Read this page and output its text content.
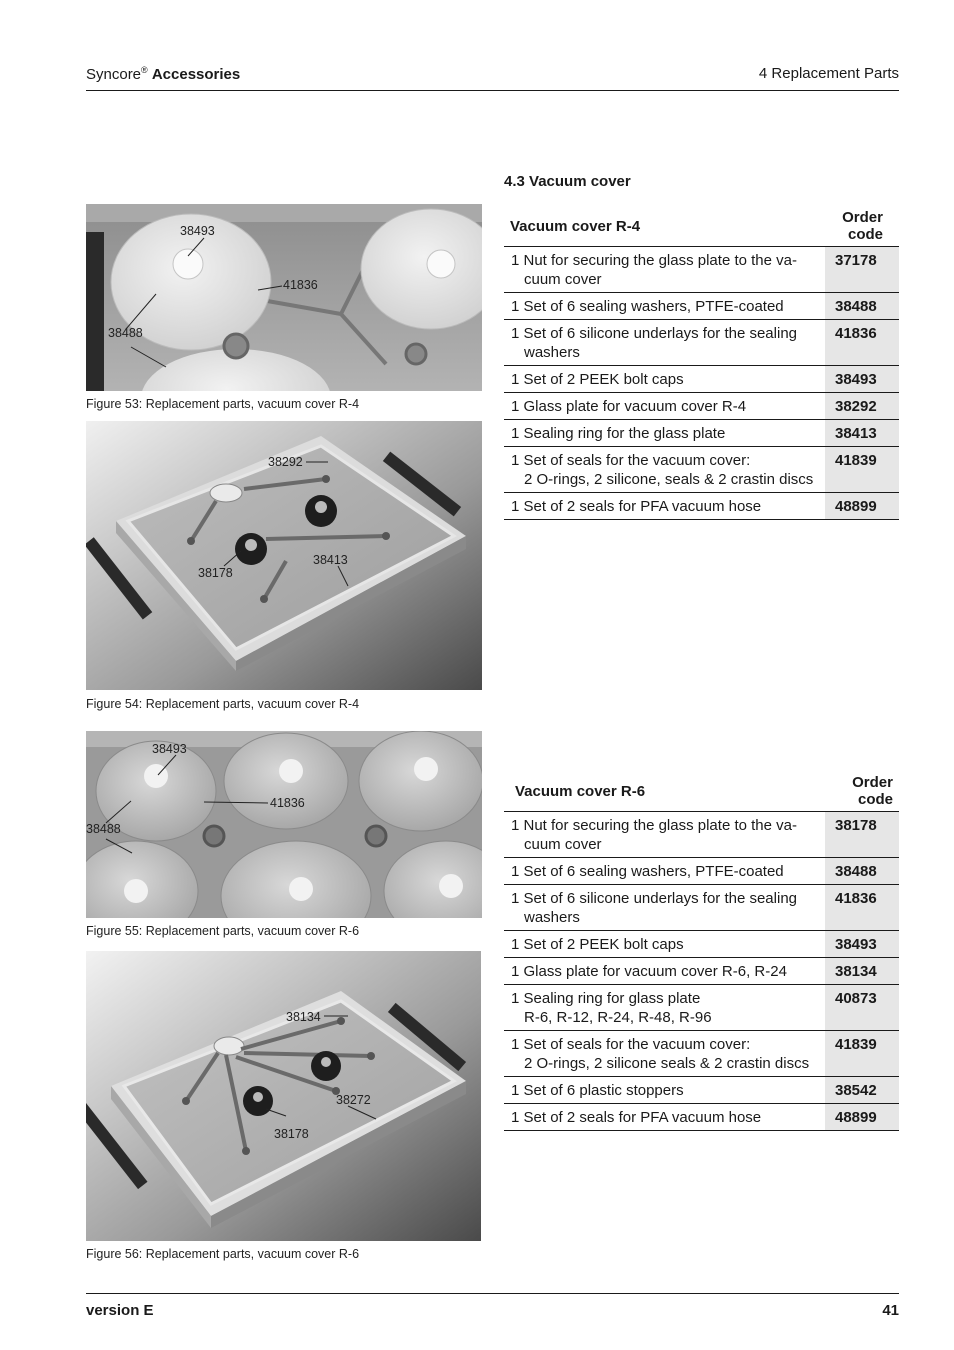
Syncore® Accessories	4 Replacement Parts
4.3 Vacuum cover
38493
41836
38488
Figure 53: Replacement parts, vacuum cover R-4
38292
38413
38178
Figure 54: Replacement parts, vacuum cover R-4
38493
41836
38488
Figure 55: Replacement parts, vacuum cover R-6
38134
38272
38178
Figure 56: Replacement parts, vacuum cover R-6
Vacuum cover R-4	Order code

1 Nut for securing the glass plate to the va-
cuum cover	37178

1 Set of 6 sealing washers, PTFE-coated	38488

1 Set of 6 silicone underlays for the sealing
washers	41836

1 Set of 2 PEEK bolt caps	38493

1 Glass plate for vacuum cover R-4	38292

1 Sealing ring for the glass plate	38413

1 Set of seals for the vacuum cover:
2 O-rings, 2 silicone, seals & 2 crastin discs	41839

1 Set of 2 seals for PFA vacuum hose	48899
Vacuum cover R-6	Order code

1 Nut for securing the glass plate to the va-
cuum cover	38178

1 Set of 6 sealing washers, PTFE-coated	38488

1 Set of 6 silicone underlays for the sealing
washers	41836

1 Set of 2 PEEK bolt caps	38493

1 Glass plate for vacuum cover R-6, R-24	38134

1 Sealing ring for glass plate
R-6, R-12, R-24, R-48, R-96	40873

1 Set of seals for the vacuum cover:
2 O-rings, 2 silicone seals & 2 crastin discs	41839

1 Set of 6 plastic stoppers	38542

1 Set of 2 seals for PFA vacuum hose	48899
version E	41
